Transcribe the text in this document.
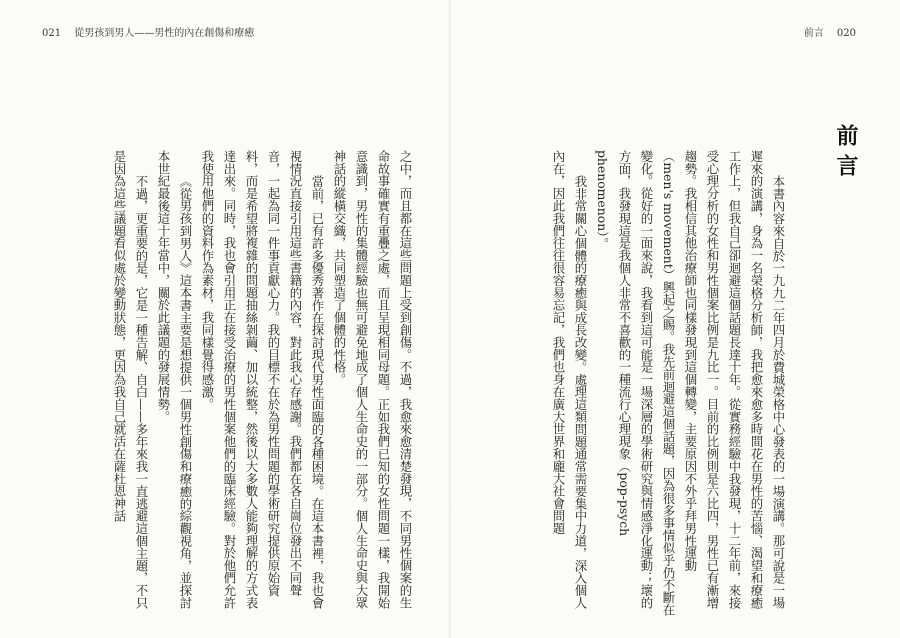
021 從男孩到男人——男性的內在創傷和療癒	前言 020
前言

本書內容來自於一九九二年四月於費城榮格中心發表的一場演講。那可說是一場遲來的演講，身為一名榮格分析師，我把愈來愈多時間花在男性的苦惱、渴望和療癒工作上，但我自己卻迴避這個話題長達十年。從實務經驗中我發現，十二年前，來接受心理分析的女性和男性個案比例是九比一。目前的比例則是六比四，男性已有漸增趨勢。我相信其他治療師也同樣發現到這個轉變，主要原因不外乎拜男性運動（men's movement）興起之賜。我先前迴避這個話題，因為很多事情似乎仍不斷在變化。從好的一面來說，我看到這可能是一場深層的學術研究與情感淨化運動；壞的方面，我發現這是我個人非常不喜歡的一種流行心理現象（pop-psych phenomenon）。

我非常關心個體的療癒與成長改變。處理這類問題通常需要集中力道，深入個人內在，因此我們往往很容易忘記，我們也身在廣大世界和龐大社會問題

之中，而且都在這些問題上受到創傷。不過，我愈來愈清楚發現，不同男性個案的生命故事確實有重疊之處，而且呈現相同母題。正如我們已知的女性問題一樣，我開始意識到，男性的集體經驗也無可避免地成了個人生命史的一部分。個人生命史與大眾神話的縱橫交織，共同塑造了個體的性格。

當前，已有許多優秀著作在探討現代男性面臨的各種困境。在這本書裡，我也會視情況直接引用這些書籍的內容，對此我心存感謝。我們都在各自崗位發出不同聲音，一起為同一件事貢獻心力。我的目標不在於為男性問題的學術研究提供原始資料，而是希望將複雜的問題抽絲剝繭、加以統整，然後以大多數人能夠理解的方式表達出來。同時，我也會引用正在接受治療的男性個案他們的臨床經驗。對於他們允許我使用他們的資料作為素材，我同樣覺得感激。

《從男孩到男人》這本書主要是想提供一個男性創傷和療癒的綜觀視角，並探討本世紀最後這十年當中，關於此議題的發展情勢。

不過，更重要的是，它是一種告解、自白——多年來我一直逃避這個主題，不只是因為這些議題看似處於變動狀態，更因為我自己就活在薩杜恩神話
